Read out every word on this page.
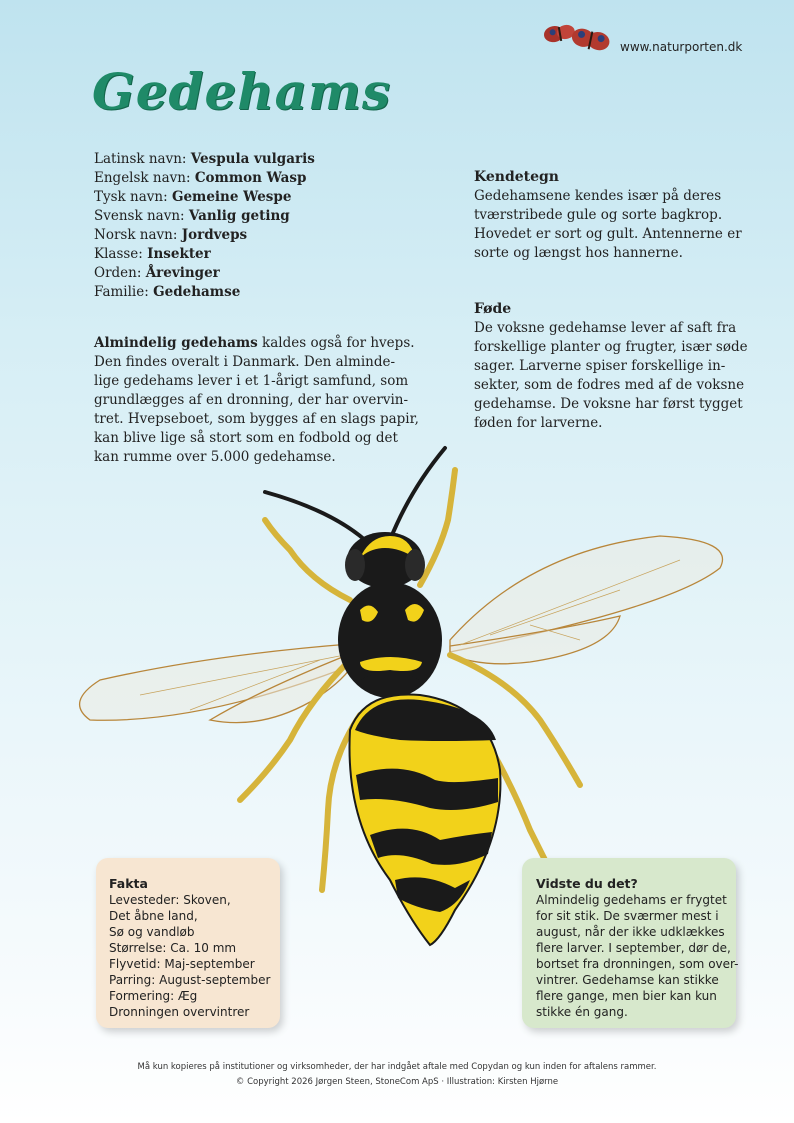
www.naturporten.dk
Gedehams
Latinsk navn: Vespula vulgaris
Engelsk navn: Common Wasp
Tysk navn: Gemeine Wespe
Svensk navn: Vanlig geting
Norsk navn: Jordveps
Klasse: Insekter
Orden: Årevinger
Familie: Gedehamse
Almindelig gedehams kaldes også for hveps.
Den findes overalt i Danmark. Den alminde-
lige gedehams lever i et 1-årigt samfund, som
grundlægges af en dronning, der har overvin-
tret. Hvepseboet, som bygges af en slags papir,
kan blive lige så stort som en fodbold og det
kan rumme over 5.000 gedehamse.
Kendetegn
Gedehamsene kendes især på deres
tværstribede gule og sorte bagkrop.
Hovedet er sort og gult. Antennerne er
sorte og længst hos hannerne.
Føde
De voksne gedehamse lever af saft fra
forskellige planter og frugter, især søde
sager. Larverne spiser forskellige in-
sekter, som de fodres med af de voksne
gedehamse. De voksne har først tygget
føden for larverne.
Fakta
Levesteder: Skoven,
Det åbne land,
Sø og vandløb
Størrelse: Ca. 10 mm
Flyvetid: Maj-september
Parring: August-september
Formering: Æg
Dronningen overvintrer
Vidste du det?
Almindelig gedehams er frygtet
for sit stik. De sværmer mest i
august, når der ikke udklækkes
flere larver. I september, dør de,
bortset fra dronningen, som over-
vintrer. Gedehamse kan stikke
flere gange, men bier kan kun
stikke én gang.
Må kun kopieres på institutioner og virksomheder, der har indgået aftale med Copydan og kun inden for aftalens rammer.
© Copyright 2026 Jørgen Steen, StoneCom ApS · Illustration: Kirsten Hjørne
